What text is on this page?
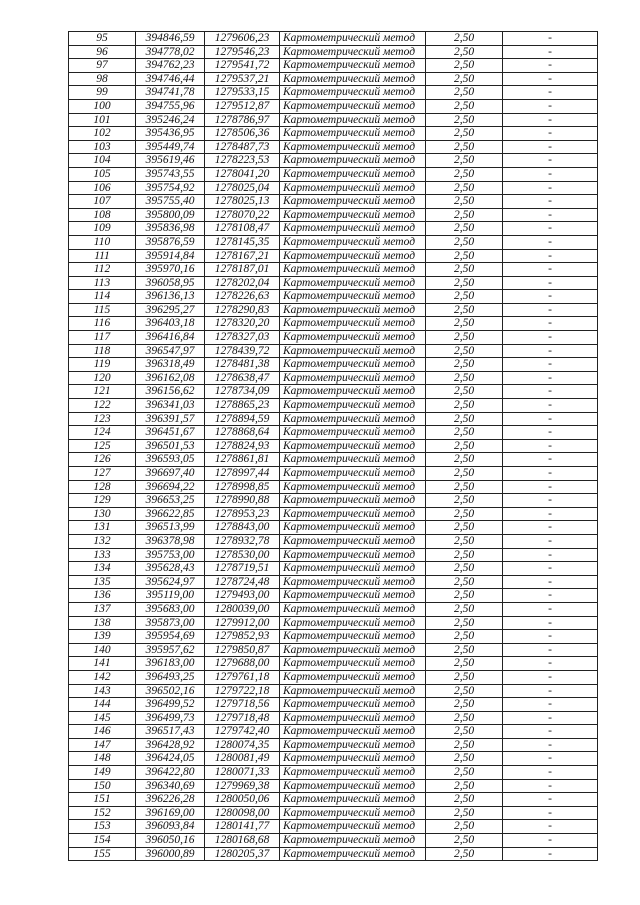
95	394846,59	1279606,23	Картометрический метод	2,50	-
96	394778,02	1279546,23	Картометрический метод	2,50	-
97	394762,23	1279541,72	Картометрический метод	2,50	-
98	394746,44	1279537,21	Картометрический метод	2,50	-
99	394741,78	1279533,15	Картометрический метод	2,50	-
100	394755,96	1279512,87	Картометрический метод	2,50	-
101	395246,24	1278786,97	Картометрический метод	2,50	-
102	395436,95	1278506,36	Картометрический метод	2,50	-
103	395449,74	1278487,73	Картометрический метод	2,50	-
104	395619,46	1278223,53	Картометрический метод	2,50	-
105	395743,55	1278041,20	Картометрический метод	2,50	-
106	395754,92	1278025,04	Картометрический метод	2,50	-
107	395755,40	1278025,13	Картометрический метод	2,50	-
108	395800,09	1278070,22	Картометрический метод	2,50	-
109	395836,98	1278108,47	Картометрический метод	2,50	-
110	395876,59	1278145,35	Картометрический метод	2,50	-
111	395914,84	1278167,21	Картометрический метод	2,50	-
112	395970,16	1278187,01	Картометрический метод	2,50	-
113	396058,95	1278202,04	Картометрический метод	2,50	-
114	396136,13	1278226,63	Картометрический метод	2,50	-
115	396295,27	1278290,83	Картометрический метод	2,50	-
116	396403,18	1278320,20	Картометрический метод	2,50	-
117	396416,84	1278327,03	Картометрический метод	2,50	-
118	396547,97	1278439,72	Картометрический метод	2,50	-
119	396318,49	1278481,38	Картометрический метод	2,50	-
120	396162,08	1278638,47	Картометрический метод	2,50	-
121	396156,62	1278734,09	Картометрический метод	2,50	-
122	396341,03	1278865,23	Картометрический метод	2,50	-
123	396391,57	1278894,59	Картометрический метод	2,50	-
124	396451,67	1278868,64	Картометрический метод	2,50	-
125	396501,53	1278824,93	Картометрический метод	2,50	-
126	396593,05	1278861,81	Картометрический метод	2,50	-
127	396697,40	1278997,44	Картометрический метод	2,50	-
128	396694,22	1278998,85	Картометрический метод	2,50	-
129	396653,25	1278990,88	Картометрический метод	2,50	-
130	396622,85	1278953,23	Картометрический метод	2,50	-
131	396513,99	1278843,00	Картометрический метод	2,50	-
132	396378,98	1278932,78	Картометрический метод	2,50	-
133	395753,00	1278530,00	Картометрический метод	2,50	-
134	395628,43	1278719,51	Картометрический метод	2,50	-
135	395624,97	1278724,48	Картометрический метод	2,50	-
136	395119,00	1279493,00	Картометрический метод	2,50	-
137	395683,00	1280039,00	Картометрический метод	2,50	-
138	395873,00	1279912,00	Картометрический метод	2,50	-
139	395954,69	1279852,93	Картометрический метод	2,50	-
140	395957,62	1279850,87	Картометрический метод	2,50	-
141	396183,00	1279688,00	Картометрический метод	2,50	-
142	396493,25	1279761,18	Картометрический метод	2,50	-
143	396502,16	1279722,18	Картометрический метод	2,50	-
144	396499,52	1279718,56	Картометрический метод	2,50	-
145	396499,73	1279718,48	Картометрический метод	2,50	-
146	396517,43	1279742,40	Картометрический метод	2,50	-
147	396428,92	1280074,35	Картометрический метод	2,50	-
148	396424,05	1280081,49	Картометрический метод	2,50	-
149	396422,80	1280071,33	Картометрический метод	2,50	-
150	396340,69	1279969,38	Картометрический метод	2,50	-
151	396226,28	1280050,06	Картометрический метод	2,50	-
152	396169,00	1280098,00	Картометрический метод	2,50	-
153	396093,84	1280141,77	Картометрический метод	2,50	-
154	396050,16	1280168,68	Картометрический метод	2,50	-
155	396000,89	1280205,37	Картометрический метод	2,50	-
